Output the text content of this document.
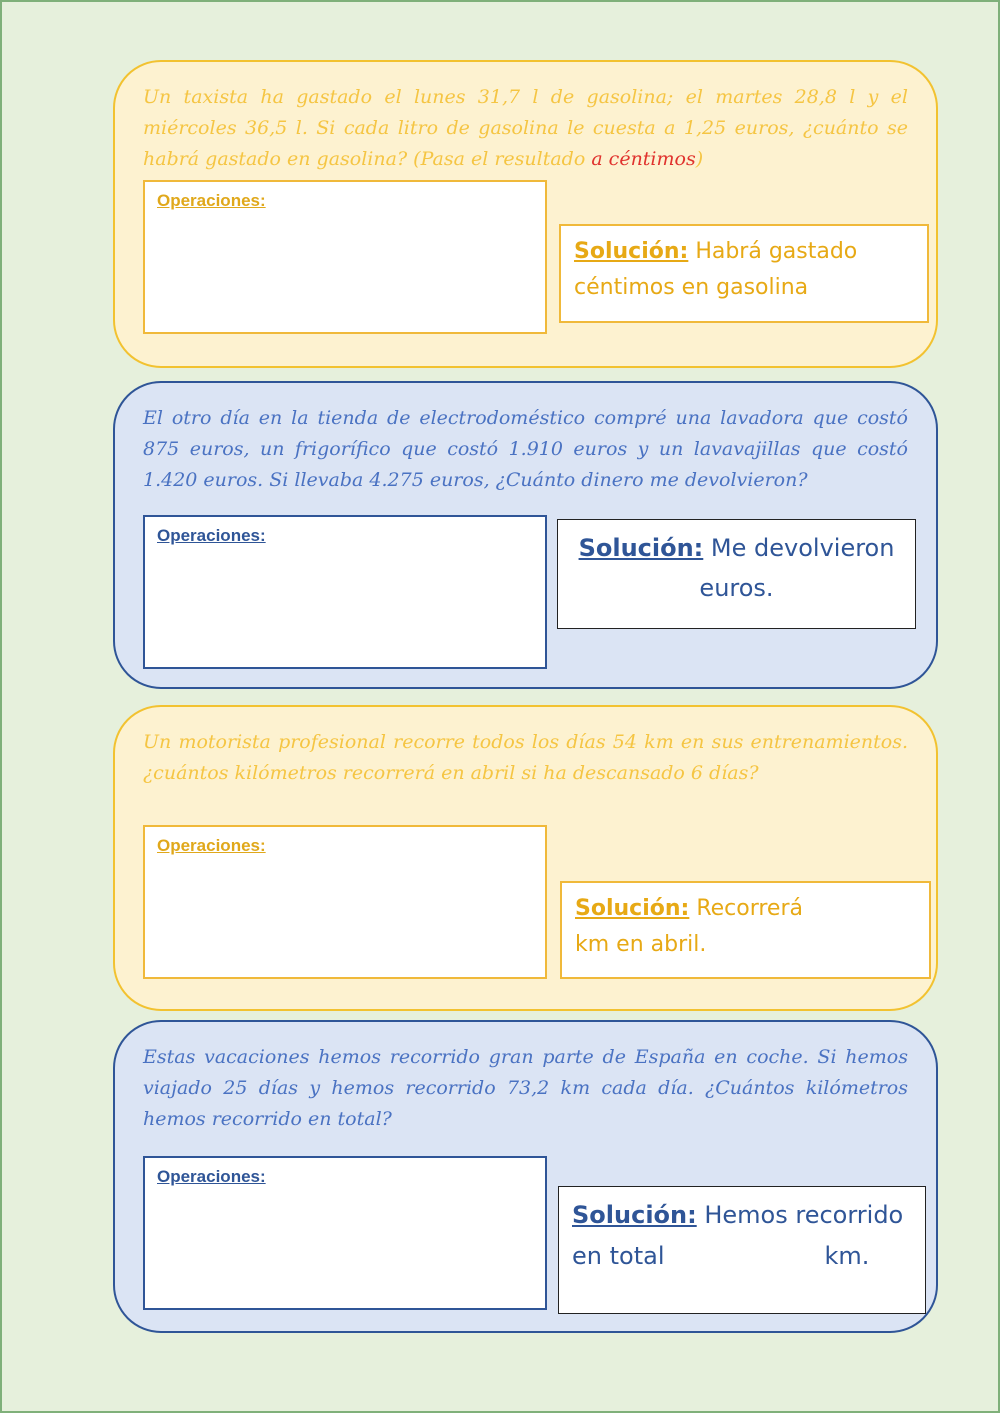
Un taxista ha gastado el lunes 31,7 l de gasolina; el martes 28,8 l y el miércoles 36,5 l. Si cada litro de gasolina le cuesta a 1,25 euros, ¿cuánto se habrá gastado en gasolina? (Pasa el resultado a céntimos)

Operaciones:
Solución: Habrá gastado
céntimos en gasolina

El otro día en la tienda de electrodoméstico compré una lavadora que costó 875 euros, un frigorífico que costó 1.910 euros y un lavavajillas que costó 1.420 euros. Si llevaba 4.275 euros, ¿Cuánto dinero me devolvieron?

Operaciones:	Solución: Me devolvieron
euros.

Un motorista profesional recorre todos los días 54 km en sus entrenamientos. ¿cuántos kilómetros recorrerá en abril si ha descansado 6 días?

Operaciones:
Solución: Recorrerá
km en abril.

Estas vacaciones hemos recorrido gran parte de España en coche. Si hemos viajado 25 días y hemos recorrido 73,2 km cada día. ¿Cuántos kilómetros hemos recorrido en total?

Operaciones:
Solución: Hemos recorrido
en total	km.
